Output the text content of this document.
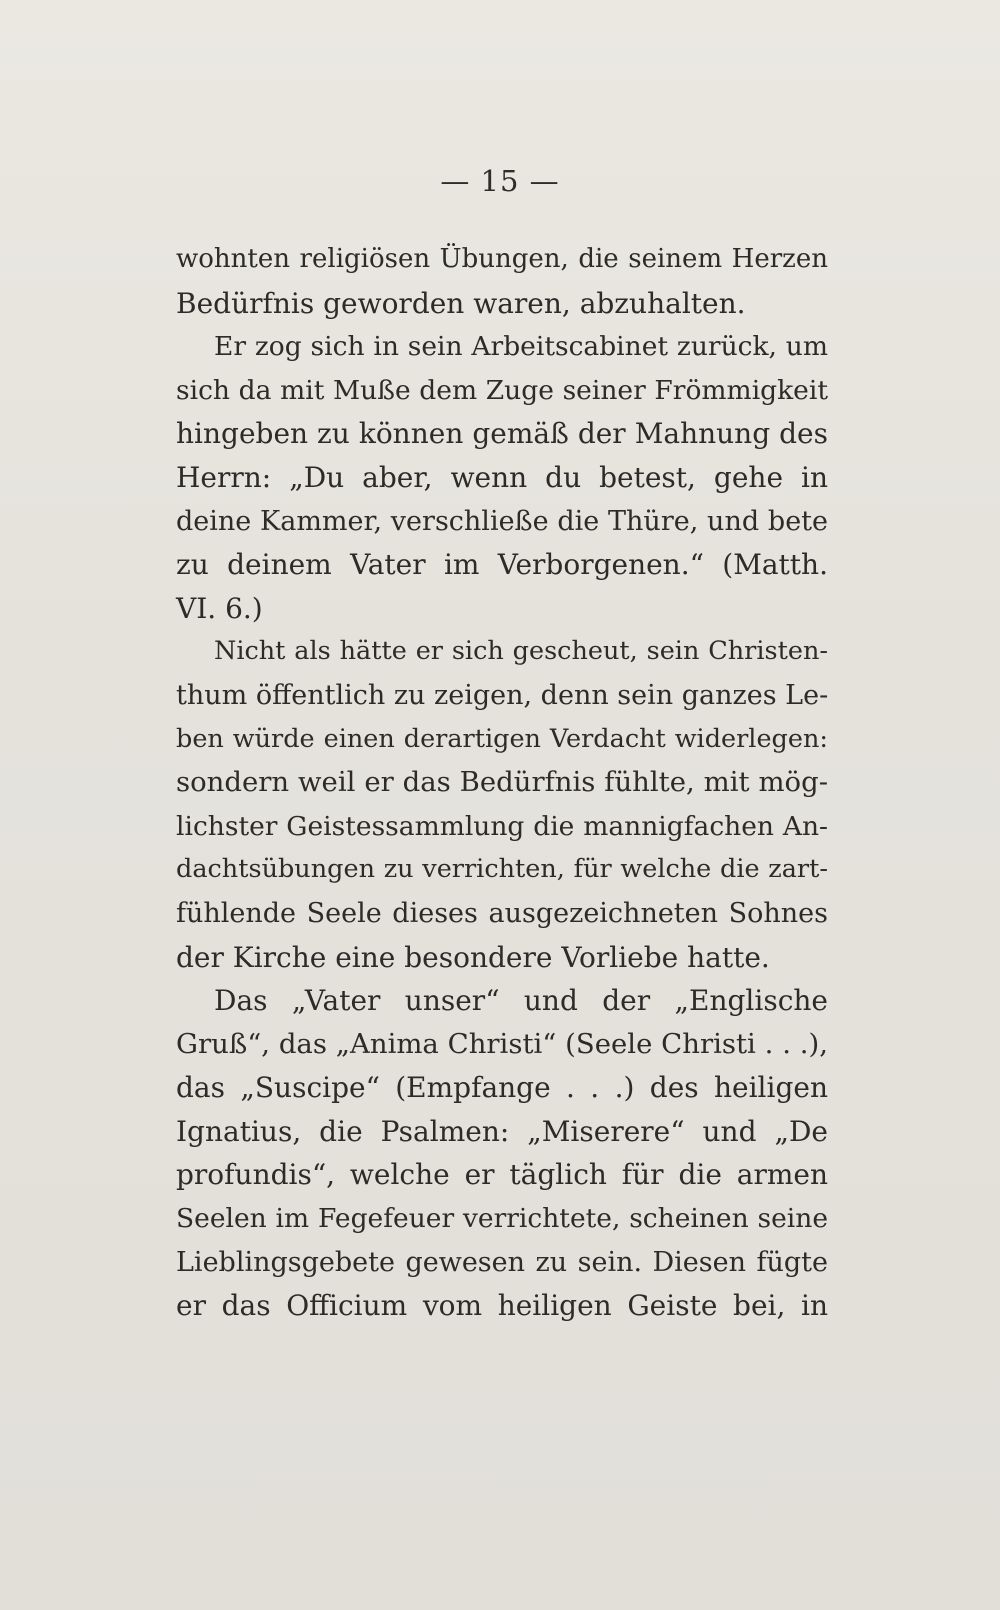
— 15 —
wohnten religiösen Übungen, die seinem Herzen
Bedürfnis geworden waren, abzuhalten.
Er zog sich in sein Arbeitscabinet zurück, um
sich da mit Muße dem Zuge seiner Frömmigkeit
hingeben zu können gemäß der Mahnung des
Herrn: „Du aber, wenn du betest, gehe in
deine Kammer, verschließe die Thüre, und bete
zu deinem Vater im Verborgenen.“ (Matth.
VI. 6.)
Nicht als hätte er sich gescheut, sein Christen-
thum öffentlich zu zeigen, denn sein ganzes Le-
ben würde einen derartigen Verdacht widerlegen:
sondern weil er das Bedürfnis fühlte, mit mög-
lichster Geistessammlung die mannigfachen An-
dachtsübungen zu verrichten, für welche die zart-
fühlende Seele dieses ausgezeichneten Sohnes
der Kirche eine besondere Vorliebe hatte.
Das „Vater unser“ und der „Englische
Gruß“, das „Anima Christi“ (Seele Christi . . .),
das „Suscipe“ (Empfange . . .) des heiligen
Ignatius, die Psalmen: „Miserere“ und „De
profundis“, welche er täglich für die armen
Seelen im Fegefeuer verrichtete, scheinen seine
Lieblingsgebete gewesen zu sein. Diesen fügte
er das Officium vom heiligen Geiste bei, in
